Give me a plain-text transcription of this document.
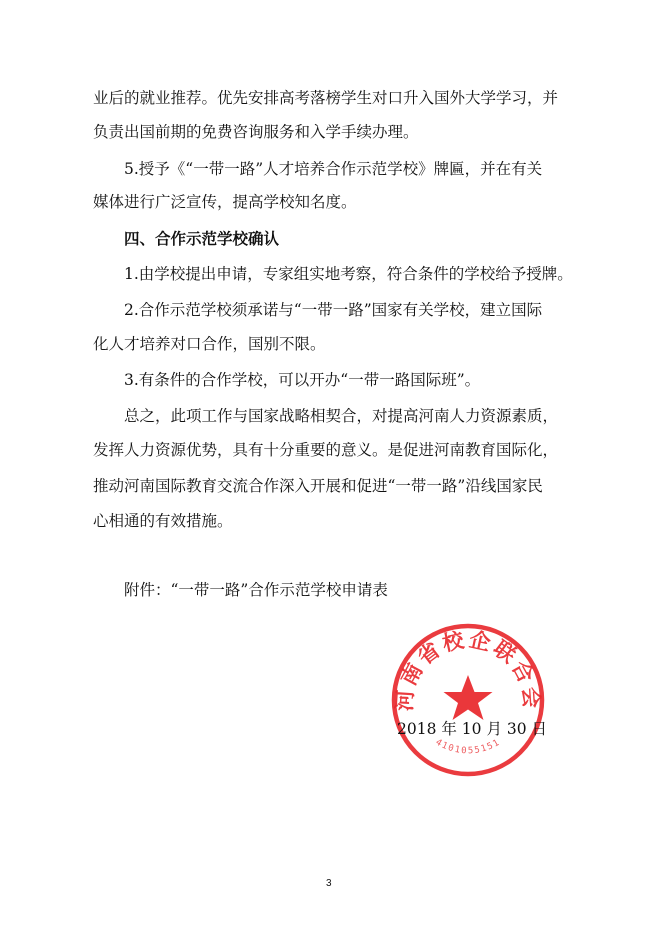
业后的就业推荐。优先安排高考落榜学生对口升入国外大学学习，并
负责出国前期的免费咨询服务和入学手续办理。
5.授予《“一带一路”人才培养合作示范学校》牌匾，并在有关
媒体进行广泛宣传，提高学校知名度。
四、合作示范学校确认
1.由学校提出申请，专家组实地考察，符合条件的学校给予授牌。
2.合作示范学校须承诺与“一带一路”国家有关学校，建立国际
化人才培养对口合作，国别不限。
3.有条件的合作学校，可以开办“一带一路国际班”。
总之，此项工作与国家战略相契合，对提高河南人力资源素质，
发挥人力资源优势，具有十分重要的意义。是促进河南教育国际化，
推动河南国际教育交流合作深入开展和促进“一带一路”沿线国家民
心相通的有效措施。
附件：“一带一路”合作示范学校申请表
河南省校企联合会
4101055151
2018 年 10 月 30 日
3
